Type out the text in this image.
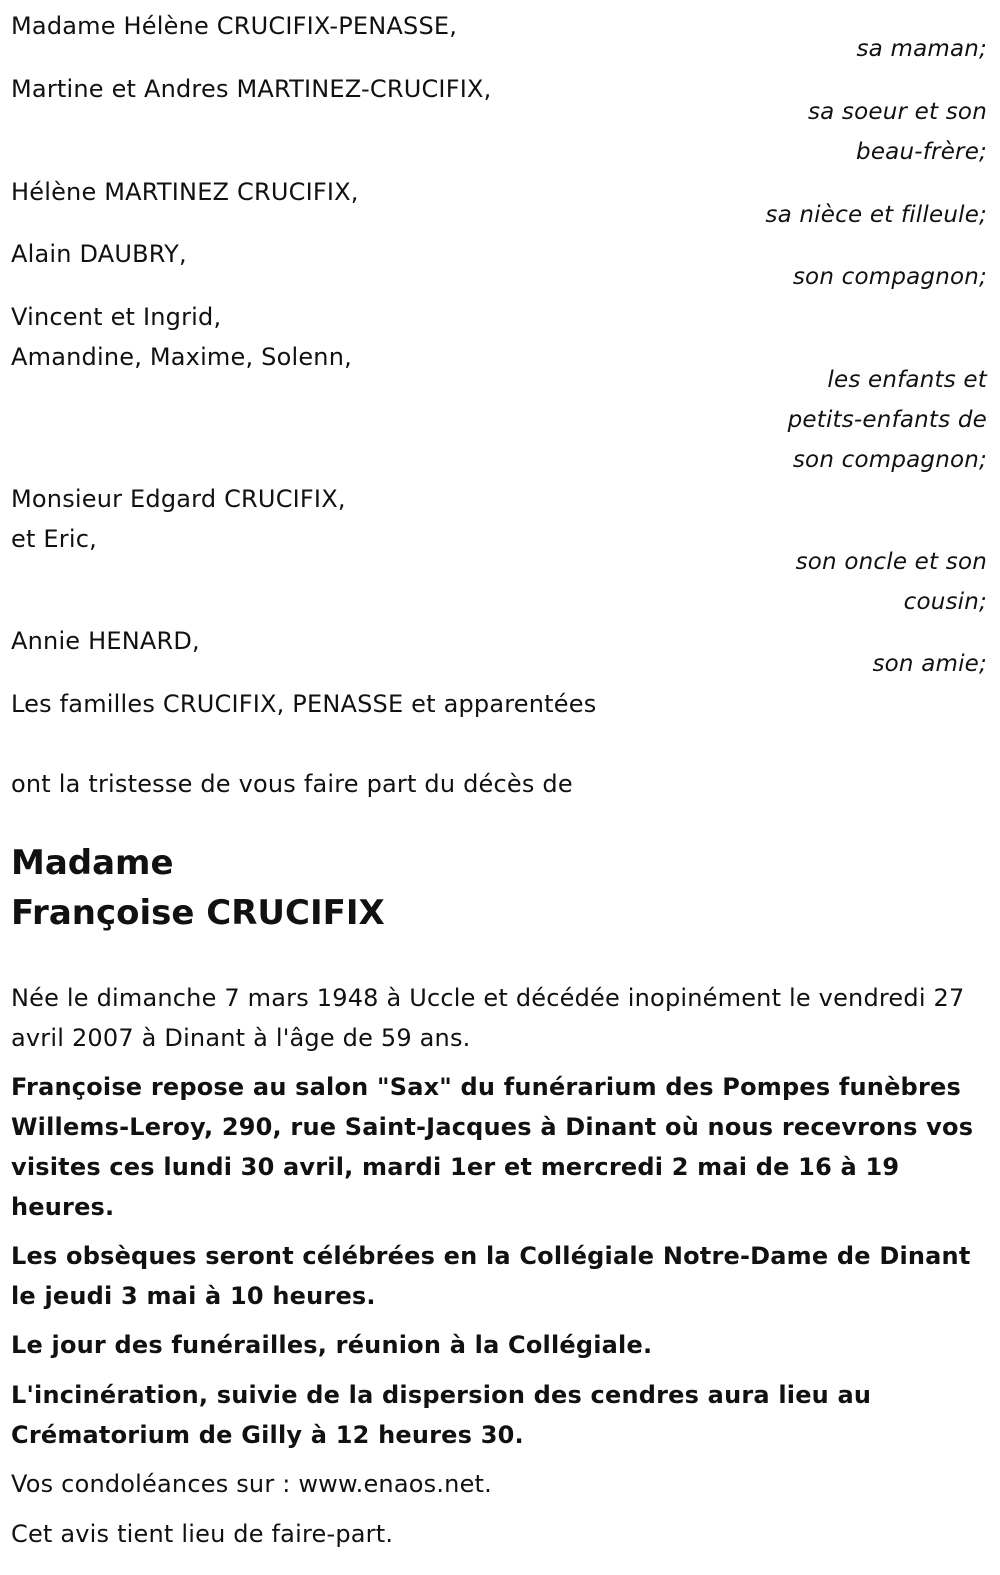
Madame Hélène CRUCIFIX-PENASSE,
sa maman;
Martine et Andres MARTINEZ-CRUCIFIX,
sa soeur et son
beau-frère;
Hélène MARTINEZ CRUCIFIX,
sa nièce et filleule;
Alain DAUBRY,
son compagnon;
Vincent et Ingrid,
Amandine, Maxime, Solenn,
les enfants et
petits-enfants de
son compagnon;
Monsieur Edgard CRUCIFIX,
et Eric,
son oncle et son
cousin;
Annie HENARD,
son amie;
Les familles CRUCIFIX, PENASSE et apparentées
ont la tristesse de vous faire part du décès de
Madame
Françoise CRUCIFIX
Née le dimanche 7 mars 1948 à Uccle et décédée inopinément le vendredi 27 avril 2007 à Dinant à l'âge de 59 ans.
Françoise repose au salon "Sax" du funérarium des Pompes funèbres Willems-Leroy, 290, rue Saint-Jacques à Dinant où nous recevrons vos visites ces lundi 30 avril, mardi 1er et mercredi 2 mai de 16 à 19 heures.
Les obsèques seront célébrées en la Collégiale Notre-Dame de Dinant le jeudi 3 mai à 10 heures.
Le jour des funérailles, réunion à la Collégiale.
L'incinération, suivie de la dispersion des cendres aura lieu au Crématorium de Gilly à 12 heures 30.
Vos condoléances sur : www.enaos.net.
Cet avis tient lieu de faire-part.
